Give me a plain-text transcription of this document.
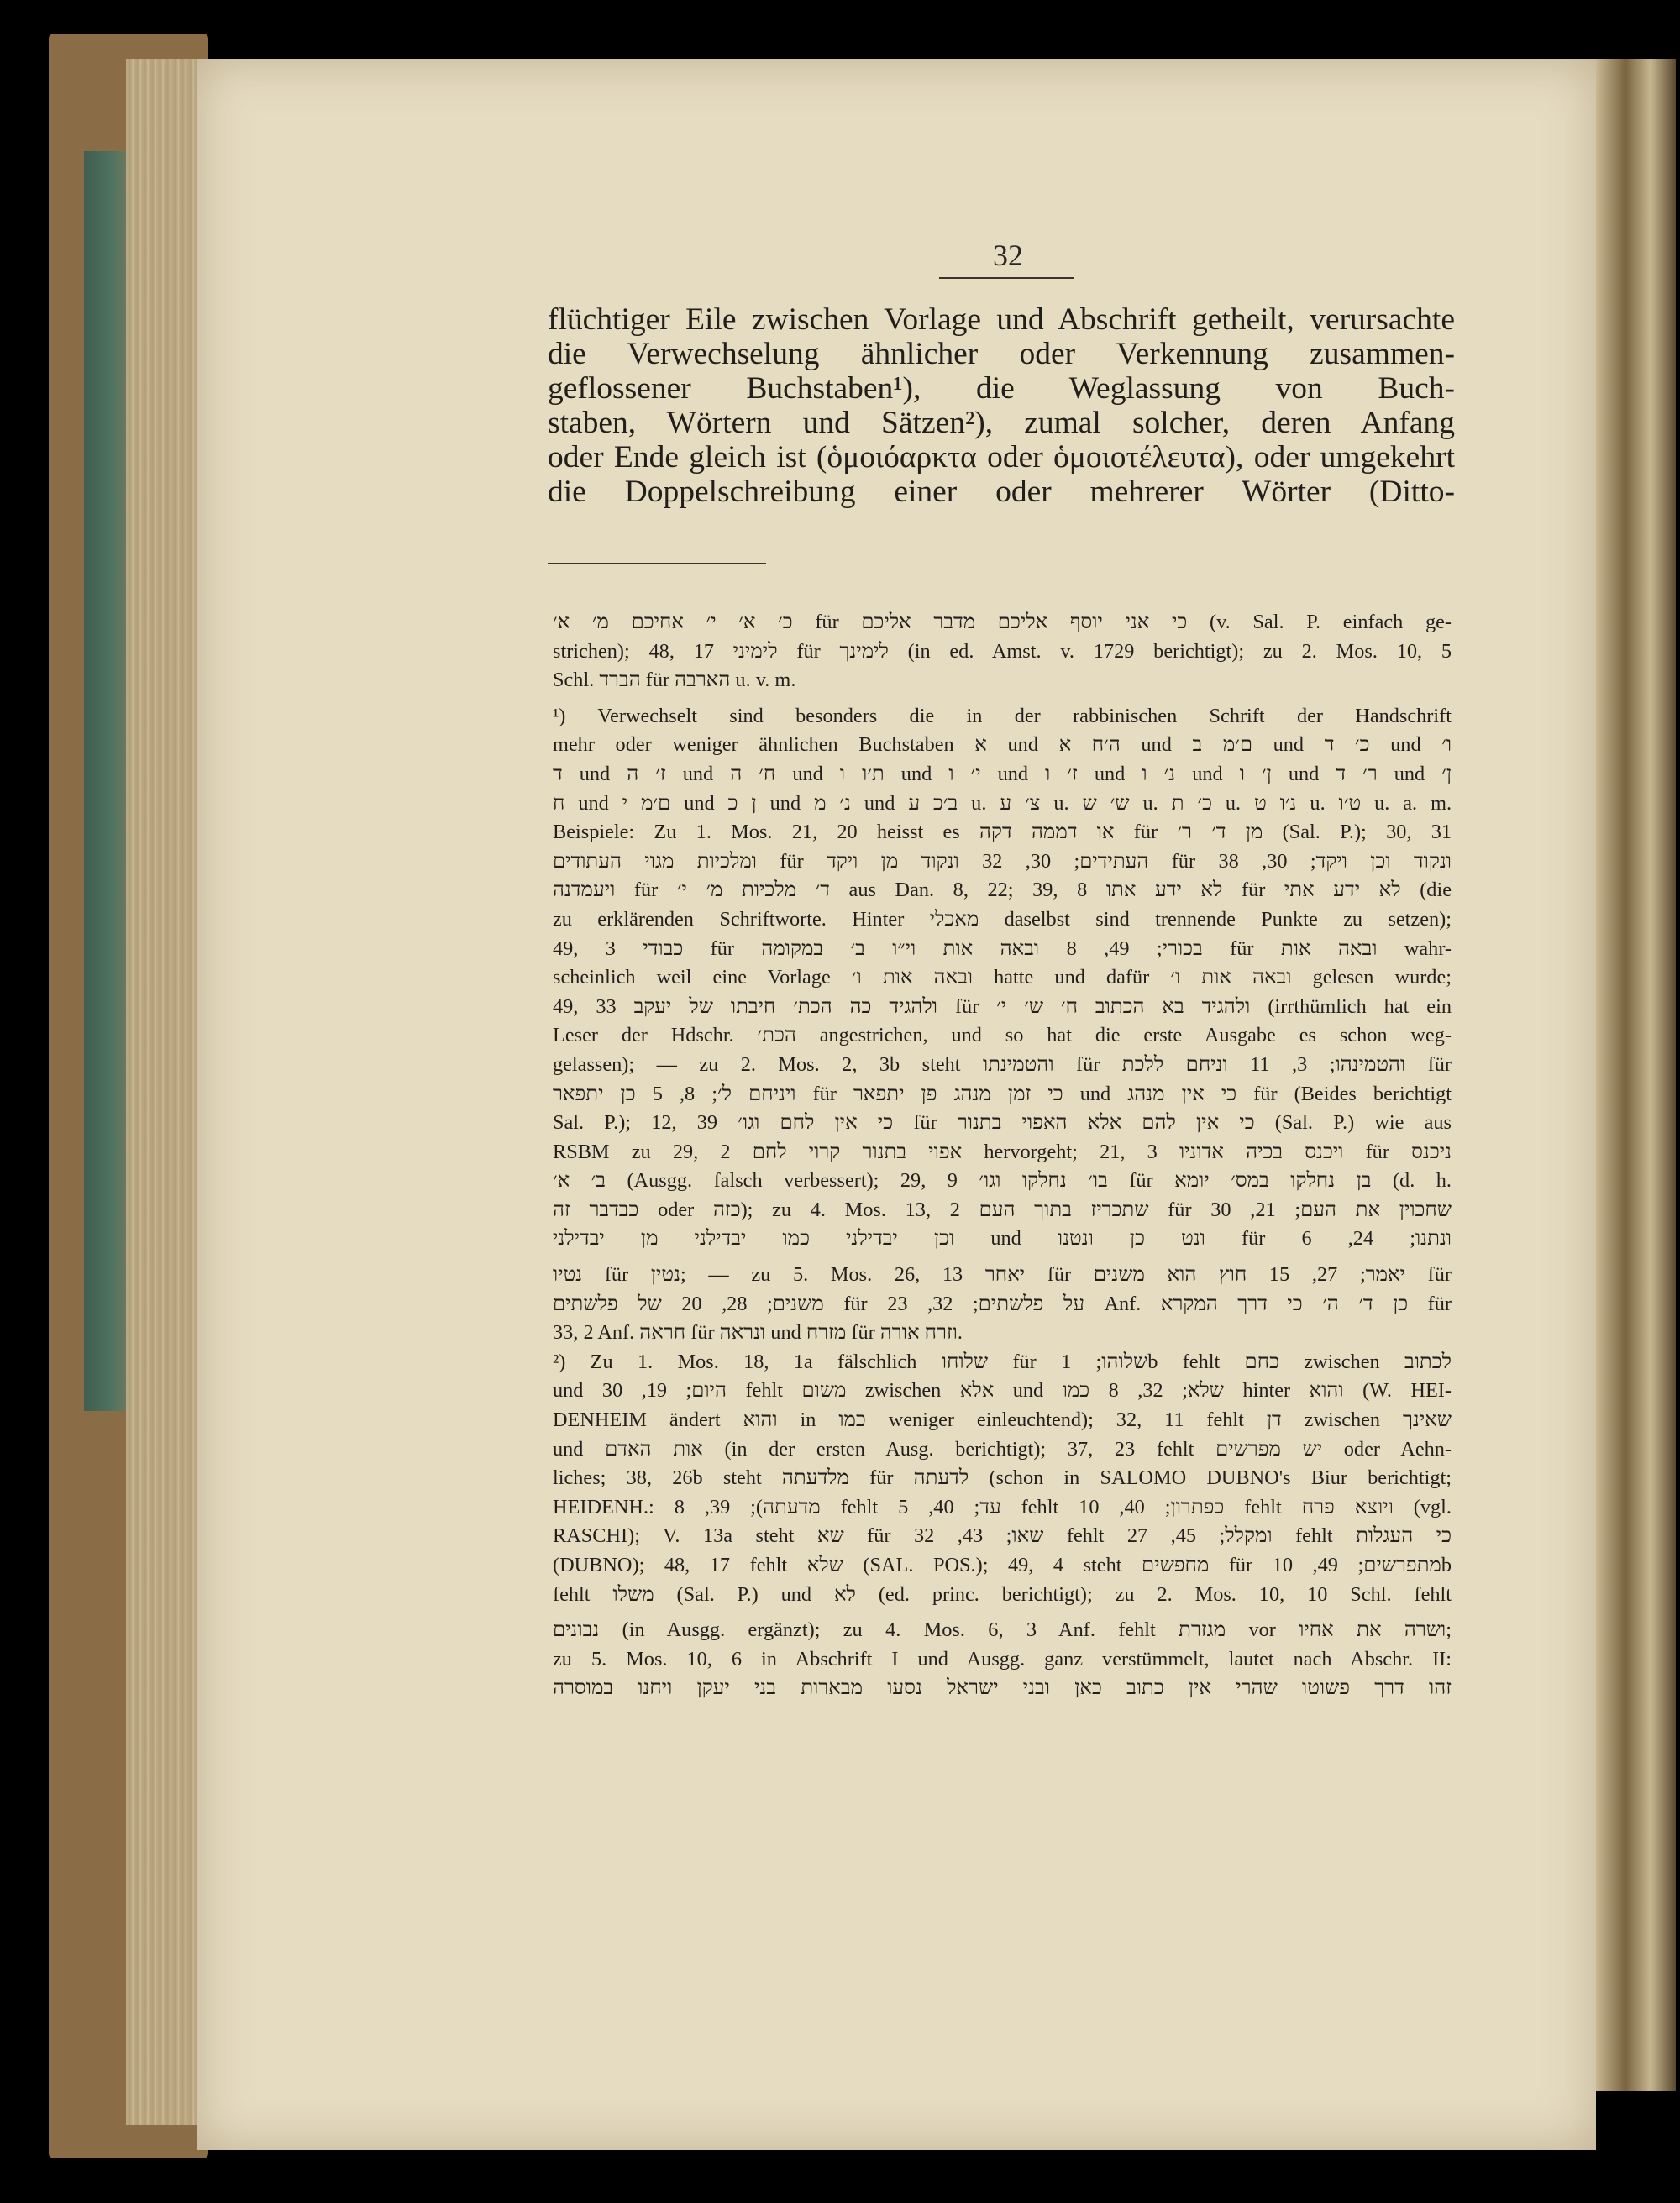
32
flüchtiger Eile zwischen Vorlage und Abschrift getheilt, verursachte
die Verwechselung ähnlicher oder Verkennung zusammen-
geflossener Buchstaben¹), die Weglassung von Buch-
staben, Wörtern und Sätzen²), zumal solcher, deren Anfang
oder Ende gleich ist (ὁμοιόαρκτα oder ὁμοιοτέλευτα), oder umgekehrt
die Doppelschreibung einer oder mehrerer Wörter (Ditto-
כ׳ א׳ י׳ אחיכם מ׳ א׳ für כי אני יוסף אליכם מדבר אליכם (v. Sal. P. einfach ge-
strichen); 48, 17 לימיני für לימינך (in ed. Amst. v. 1729 berichtigt); zu 2. Mos. 10, 5
Schl. הברד für הארבה u. v. m.
¹) Verwechselt sind besonders die in der rabbinischen Schrift der Handschrift
mehr oder weniger ähnlichen Buchstaben א und ה׳ח א und ם׳מ ב und כ׳ ד und ו׳
ד und ז׳ ה und ח׳ ה und ת׳ו ו und י׳ ו und ז׳ ו und נ׳ ו und ן׳ ו und ר׳ ד und ן׳
ח und ם׳מ י und ן כ und נ׳ מ und ב׳כ ע u. צ׳ ע u. ש׳ ש u. כ׳ ת u. נ׳ו ט u. ט׳ו u. a. m.
Beispiele: Zu 1. Mos. 21, 20 heisst es או דממה דקה für מן ד׳ ר׳ (Sal. P.); 30, 31
ומלכיות מגוי העתודים für העתידים; 30, 32 ונקוד מן ויקד für ונקוד וכן ויקד; 30, 38
ויעמדנה für ד׳ מלכיות מ׳ י׳ aus Dan. 8, 22; 39, 8 לא ידע אתו für לא ידע אתי (die
zu erklärenden Schriftworte. Hinter מאכלי daselbst sind trennende Punkte zu setzen);
49, 3 כבודי für בכורי; 49, 8 ובאה אות וי״ו ב׳ במקומה für ובאה אות wahr-
scheinlich weil eine Vorlage ובאה אות ו׳ hatte und dafür ובאה אות ו׳ gelesen wurde;
49, 33 ולהגיד כה הכת׳ חיבתו של יעקב für ולהגיד בא הכתוב ח׳ ש׳ י׳ (irrthümlich hat ein
Leser der Hdschr. הכת׳ angestrichen, und so hat die erste Ausgabe es schon weg-
gelassen); — zu 2. Mos. 2, 3b steht והטמינתו für והטמינהו; 3, 11 וניחם ללכת für
ויניחם ל׳; 8, 5 כן יתפאר für כי זמן מנהג פן יתפאר und כי אין מנהג für (Beides berichtigt
Sal. P.); 12, 39 כי אין לחם וגו׳ für כי אין להם אלא האפוי בתנור (Sal. P.) wie aus
RSBM zu 29, 2 אפוי בתנור קרוי לחם hervorgeht; 21, 3 ויכנס בכיה אדוניו für ניכנס
ב׳ א׳ (Ausgg. falsch verbessert); 29, 9 בו׳ נחלקו וגו׳ für בן נחלקו במס׳ יומא (d. h.
כבדבר זה oder כזה); zu 4. Mos. 13, 2 שתכריז בתוך העם für שחכוין את העם; 21, 30
וכן יבדילני כמו יבדילני מן יבדילני und ונט כן ונטנו für ונתנו; 24, 6
נטיו für נטין; — zu 5. Mos. 26, 13 יאחר für יאמר; 27, 15 חוץ הוא משנים für
משנים; 28, 20 של פלשתים für על פלשתים; 32, 23 Anf. כן ד׳ ה׳ כי דרך המקרא für
33, 2 Anf. חראה für ונראה und מזרח für וזרח אורה.
²) Zu 1. Mos. 18, 1a fälschlich שלוחו für שלוהו; 1b fehlt כחם zwischen לכתוב
und היום; 19, 30 fehlt משום zwischen אלא und שלא; 32, 8 כמו hinter והוא (W. HEI-
DENHEIM ändert והוא in כמו weniger einleuchtend); 32, 11 fehlt דן zwischen שאינך
und אות האדם (in der ersten Ausg. berichtigt); 37, 23 fehlt יש מפרשים oder Aehn-
liches; 38, 26b steht מלדעתה für לדעתה (schon in SALOMO DUBNO's Biur berichtigt;
HEIDENH.: מדעתה); 39, 8 fehlt עד; 40, 5 fehlt כפתרון; 40, 10 fehlt ויוצא פרח (vgl.
RASCHI); V. 13a steht שא für שאו; 43, 32 fehlt ומקלל; 45, 27 fehlt כי העגלות
(DUBNO); 48, 17 fehlt שלא (SAL. POS.); 49, 4 steht מחפשים für מתפרשים; 49, 10b
fehlt משלו (Sal. P.) und לא (ed. princ. berichtigt); zu 2. Mos. 10, 10 Schl. fehlt
נבונים (in Ausgg. ergänzt); zu 4. Mos. 6, 3 Anf. fehlt מגזרת vor ושרה את אחיו;
zu 5. Mos. 10, 6 in Abschrift I und Ausgg. ganz verstümmelt, lautet nach Abschr. II:
זהו דרך פשוטו שהרי אין כתוב כאן ובני ישראל נסעו מבארות בני יעקן ויחנו במוסרה
